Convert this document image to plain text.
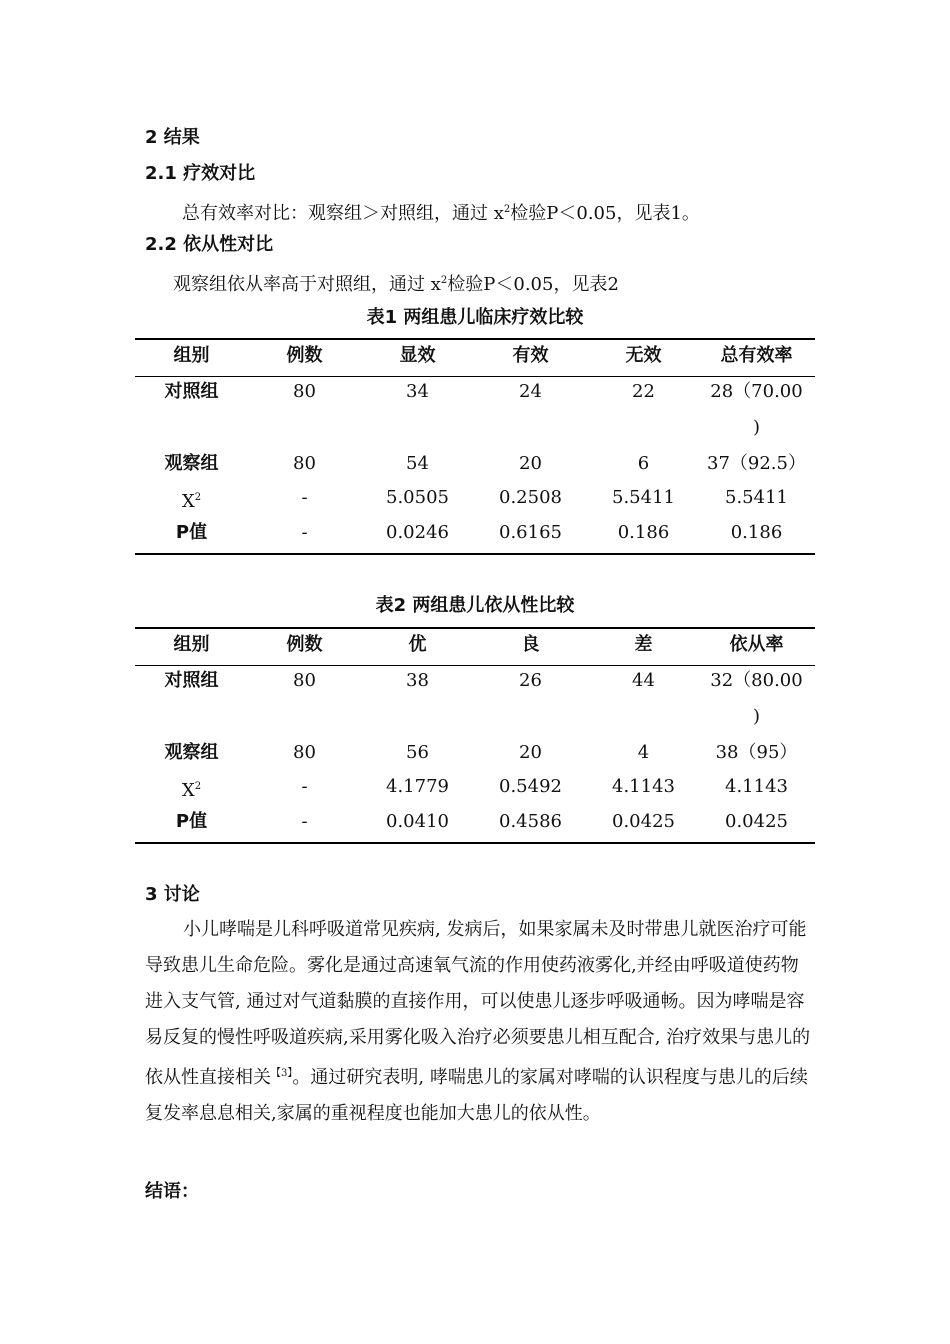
2 结果
2.1 疗效对比
总有效率对比：观察组＞对照组，通过 $x^2$检验P＜0.05，见表1。
2.2 依从性对比
观察组依从率高于对照组，通过 $x^2$检验P＜0.05，见表2
表1 两组患儿临床疗效比较
组别	例数	显效	有效	无效	总有效率
对照组	80	34	24	22	28（70.00
)
观察组	80	54	20	6	37（92.5）
$X^2$	-	5.0505	0.2508	5.5411	5.5411
P值	-	0.0246	0.6165	0.186	0.186
表2 两组患儿依从性比较
组别	例数	优	良	差	依从率
对照组	80	38	26	44	32（80.00
)
观察组	80	56	20	4	38（95）
$X^2$	-	4.1779	0.5492	4.1143	4.1143
P值	-	0.0410	0.4586	0.0425	0.0425
3 讨论

小儿哮喘是儿科呼吸道常见疾病, 发病后，如果家属未及时带患儿就医治疗可能导致患儿生命危险。雾化是通过高速氧气流的作用使药液雾化,并经由呼吸道使药物进入支气管, 通过对气道黏膜的直接作用，可以使患儿逐步呼吸通畅。因为哮喘是容易反复的慢性呼吸道疾病,采用雾化吸入治疗必须要患儿相互配合, 治疗效果与患儿的依从性直接相关$^{【3】}$。通过研究表明, 哮喘患儿的家属对哮喘的认识程度与患儿的后续复发率息息相关,家属的重视程度也能加大患儿的依从性。

结语：
